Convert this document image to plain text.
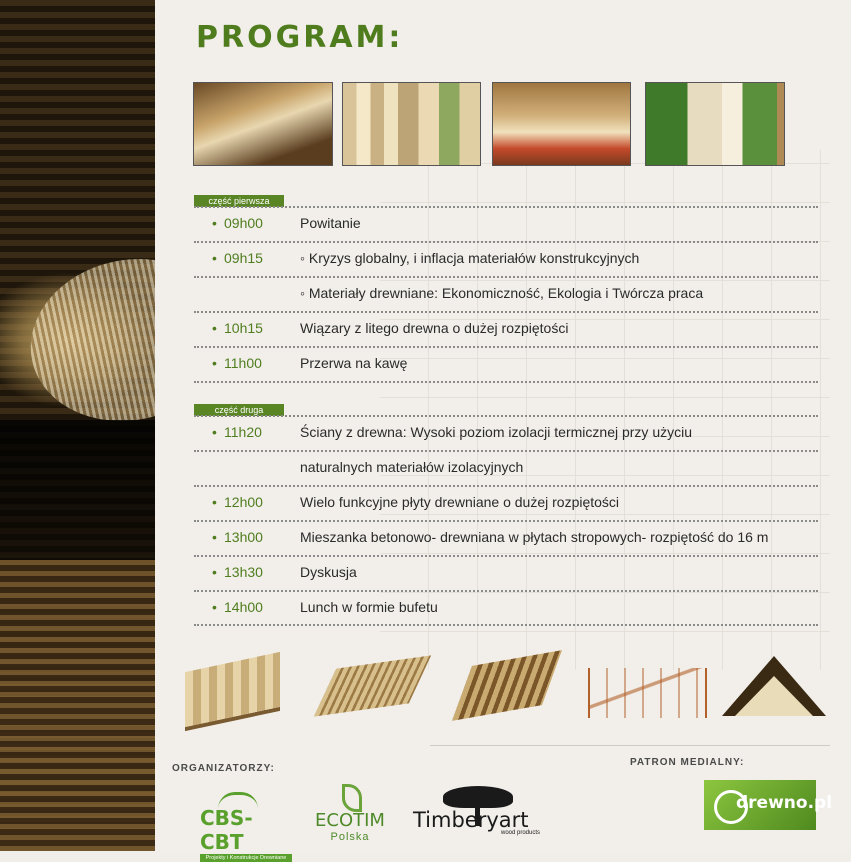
PROGRAM:
część pierwsza
• 09h00	Powitanie
• 09h15	◦ Kryzys globalny, i inflacja materiałów konstrukcyjnych
◦ Materiały drewniane: Ekonomiczność, Ekologia i Twórcza praca
• 10h15	Wiązary z litego drewna o dużej rozpiętości
• 11h00	Przerwa na kawę
część druga
• 11h20	Ściany z drewna: Wysoki poziom izolacji termicznej przy użyciu
naturalnych materiałów izolacyjnych
• 12h00	Wielo funkcyjne płyty drewniane o dużej rozpiętości
• 13h00	Mieszanka betonowo- drewniana w płytach stropowych- rozpiętość do 16 m
• 13h30	Dyskusja
• 14h00	Lunch w formie bufetu
ORGANIZATORZY:
PATRON MEDIALNY:
CBS-CBT
Projekty i Konstrukcje Drewniane
ECOTIM
Polska
Timberyart
wood products
drewno.pl
